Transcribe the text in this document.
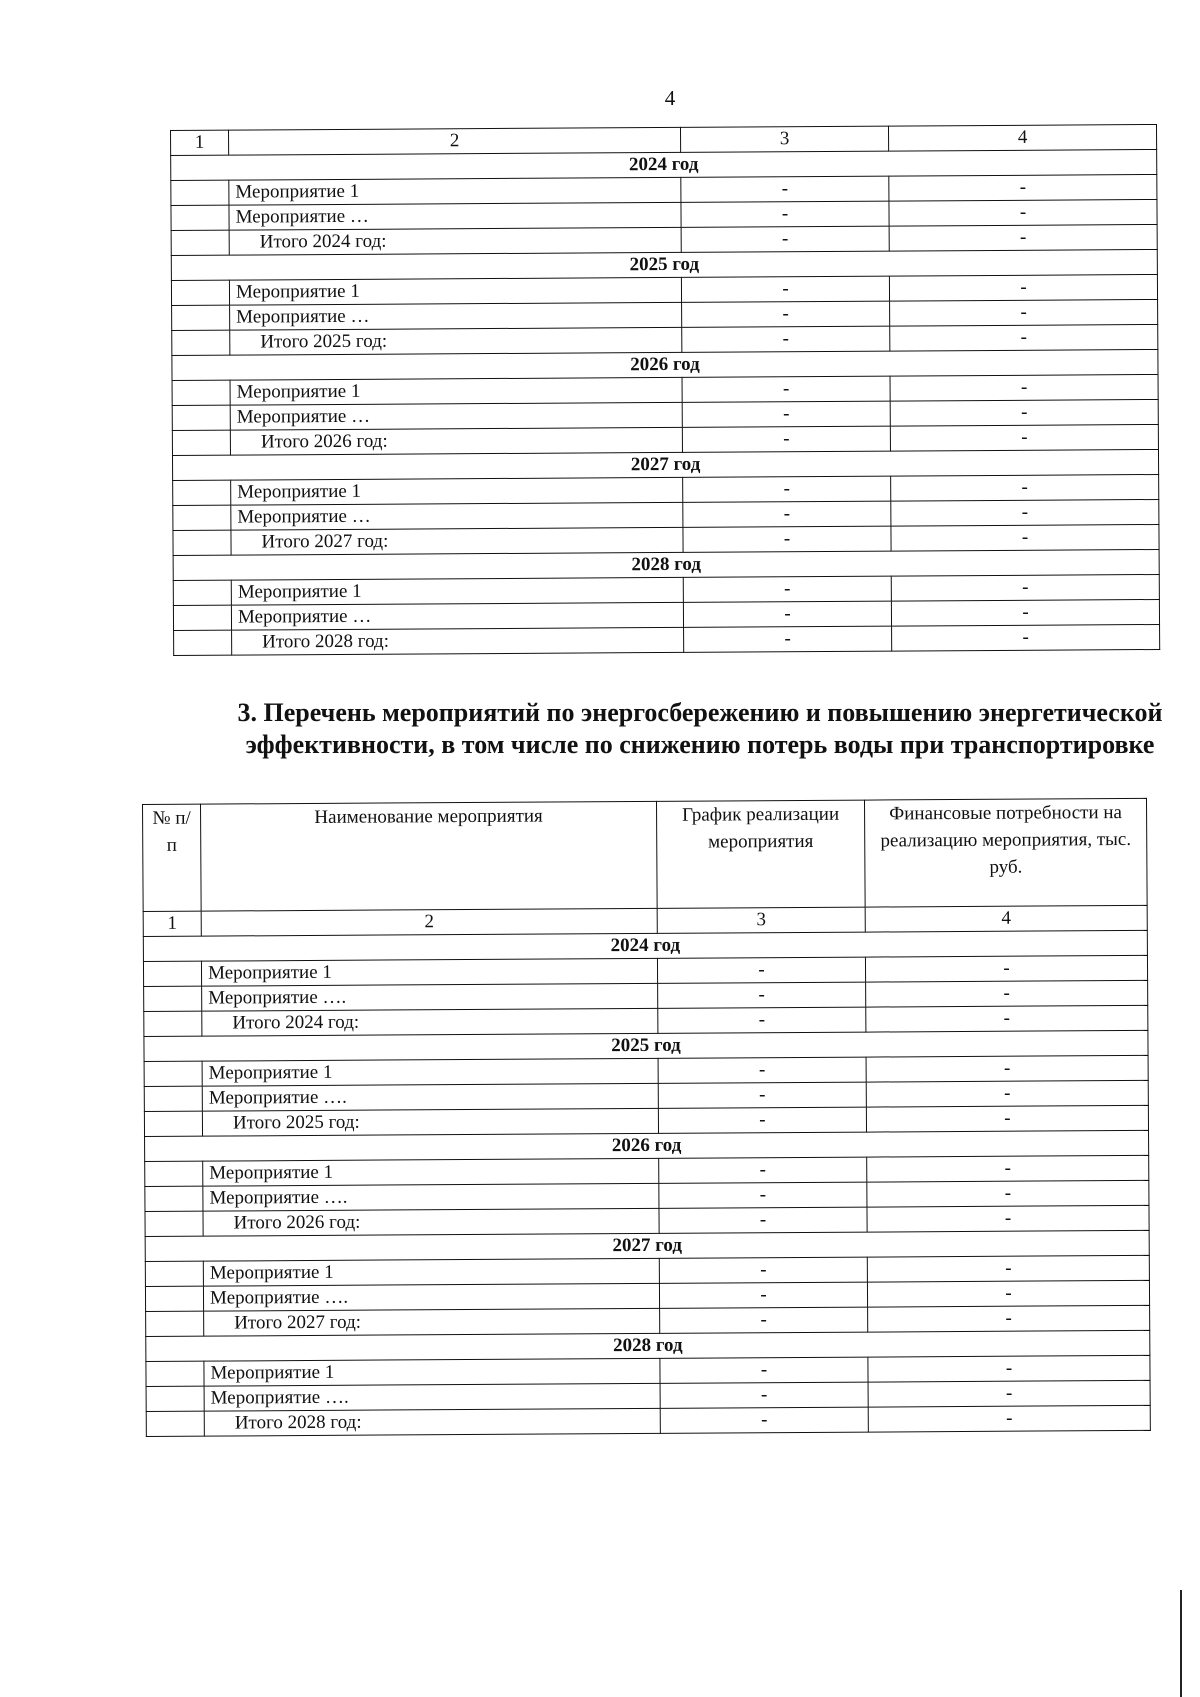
4
1	2	3	4
2024 год			
	Мероприятие 1	-	-
	Мероприятие …	-	-
	Итого 2024 год:	-	-
2025 год			
	Мероприятие 1	-	-
	Мероприятие …	-	-
	Итого 2025 год:	-	-
2026 год			
	Мероприятие 1	-	-
	Мероприятие …	-	-
	Итого 2026 год:	-	-
2027 год			
	Мероприятие 1	-	-
	Мероприятие …	-	-
	Итого 2027 год:	-	-
2028 год			
	Мероприятие 1	-	-
	Мероприятие …	-	-
	Итого 2028 год:	-	-
3. Перечень мероприятий по энергосбережению и повышению энергетической эффективности, в том числе по снижению потерь воды при транспортировке
№ п/п	Наименование мероприятия	График реализации мероприятия	Финансовые потребности на реализацию мероприятия, тыс. руб.
1	2	3	4
2024 год			
	Мероприятие 1	-	-
	Мероприятие ….	-	-
	Итого 2024 год:	-	-
2025 год			
	Мероприятие 1	-	-
	Мероприятие ….	-	-
	Итого 2025 год:	-	-
2026 год			
	Мероприятие 1	-	-
	Мероприятие ….	-	-
	Итого 2026 год:	-	-
2027 год			
	Мероприятие 1	-	-
	Мероприятие ….	-	-
	Итого 2027 год:	-	-
2028 год			
	Мероприятие 1	-	-
	Мероприятие ….	-	-
	Итого 2028 год:	-	-
